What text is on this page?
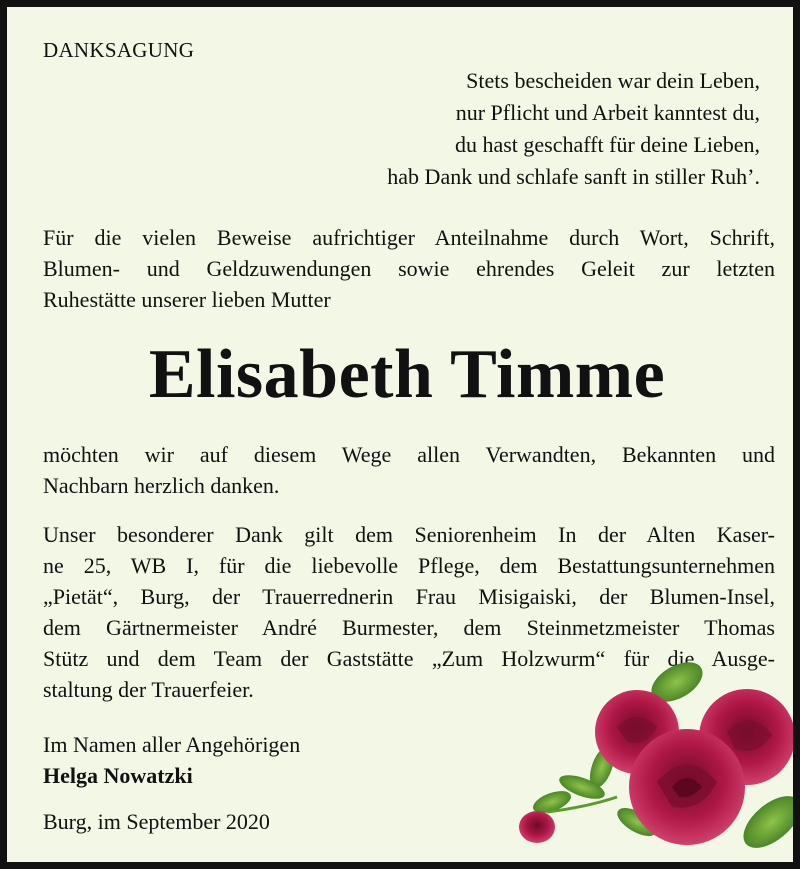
DANKSAGUNG
Stets bescheiden war dein Leben,
nur Pflicht und Arbeit kanntest du,
du hast geschafft für deine Lieben,
hab Dank und schlafe sanft in stiller Ruh’.
Für die vielen Beweise aufrichtiger Anteilnahme durch Wort, Schrift,
Blumen- und Geldzuwendungen sowie ehrendes Geleit zur letzten
Ruhestätte unserer lieben Mutter
Elisabeth Timme
möchten wir auf diesem Wege allen Verwandten, Bekannten und
Nachbarn herzlich danken.
Unser besonderer Dank gilt dem Seniorenheim In der Alten Kaser-
ne 25, WB I, für die liebevolle Pflege, dem Bestattungsunternehmen
„Pietät“, Burg, der Trauerrednerin Frau Misigaiski, der Blumen-Insel,
dem Gärtnermeister André Burmester, dem Steinmetzmeister Thomas
Stütz und dem Team der Gaststätte „Zum Holzwurm“ für die Ausge-
staltung der Trauerfeier.
Im Namen aller Angehörigen
Helga Nowatzki
Burg, im September 2020
